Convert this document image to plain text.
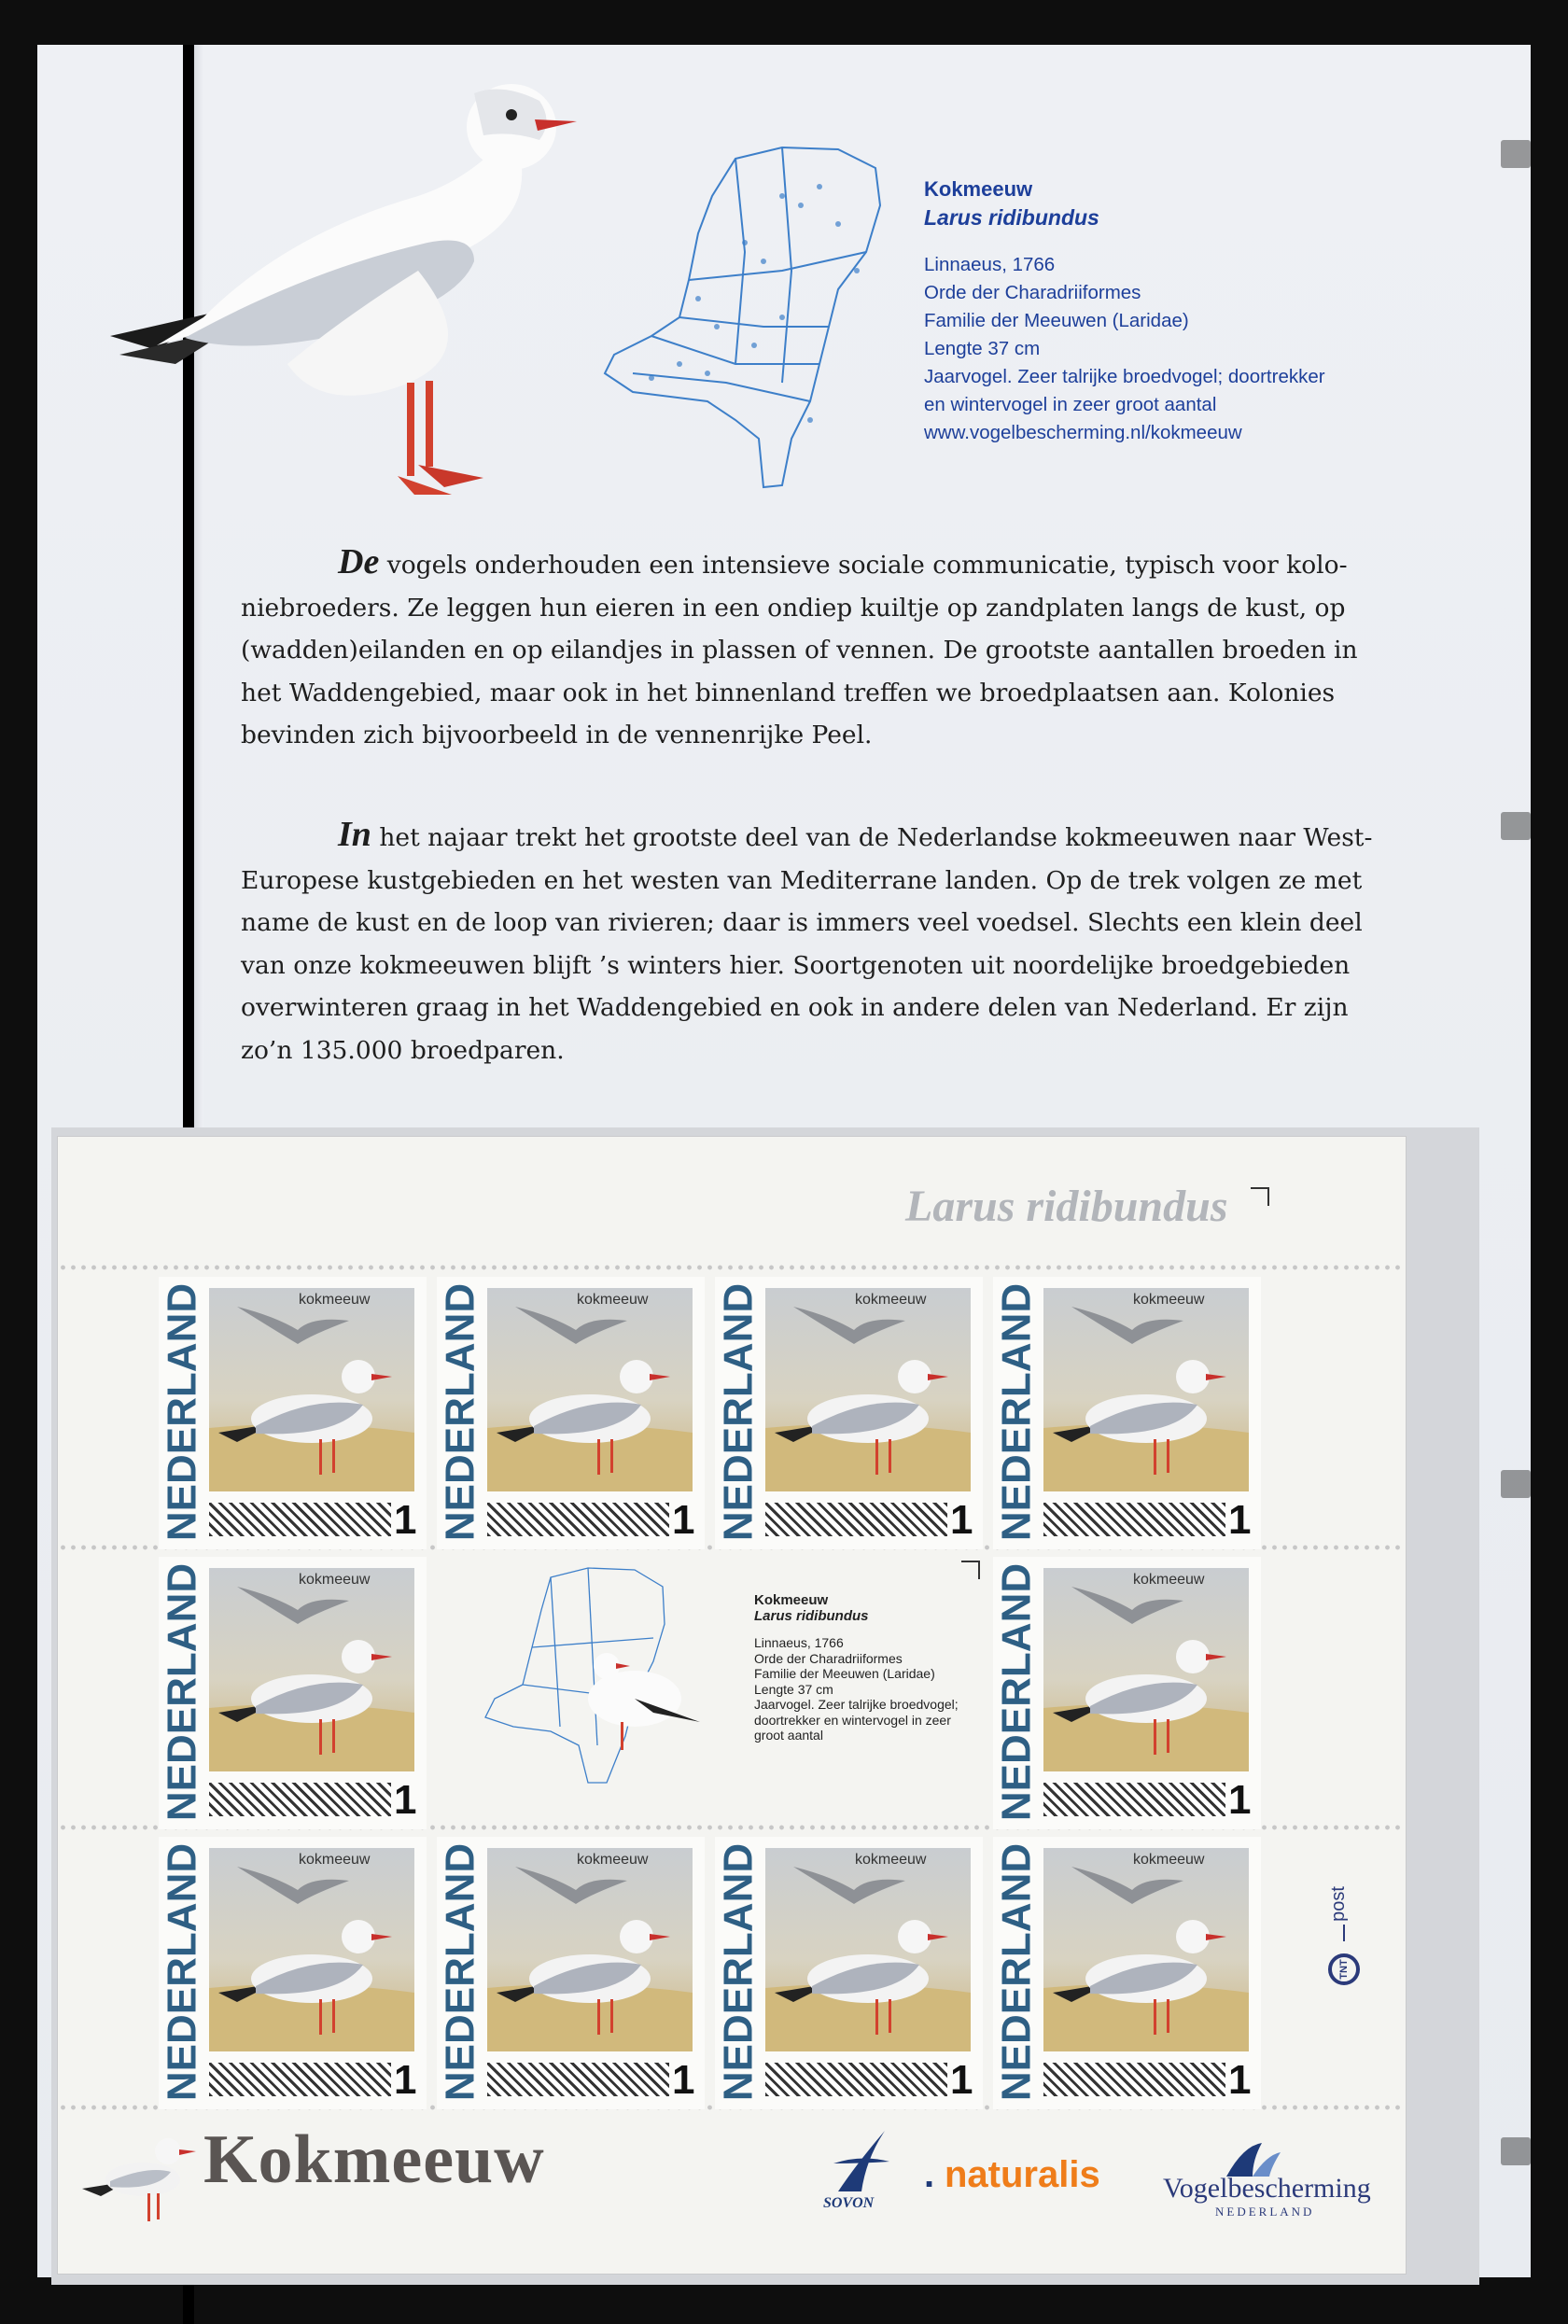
Kokmeeuw

Larus ridibundus

Linnaeus, 1766

Orde der Charadriiformes

Familie der Meeuwen (Laridae)

Lengte 37 cm

Jaarvogel. Zeer talrijke broedvogel; doortrekker

en wintervogel in zeer groot aantal

www.vogelbescherming.nl/kokmeeuw

De vogels onderhouden een intensieve sociale communicatie, typisch voor kolo-
niebroeders. Ze leggen hun eieren in een ondiep kuiltje op zandplaten langs de kust, op
(wadden)eilanden en op eilandjes in plassen of vennen. De grootste aantallen broeden in
het Waddengebied, maar ook in het binnenland treffen we broedplaatsen aan. Kolonies
bevinden zich bijvoorbeeld in de vennenrijke Peel.
In het najaar trekt het grootste deel van de Nederlandse kokmeeuwen naar West-
Europese kustgebieden en het westen van Mediterrane landen. Op de trek volgen ze met
name de kust en de loop van rivieren; daar is immers veel voedsel. Slechts een klein deel
van onze kokmeeuwen blijft ’s winters hier. Soortgenoten uit noordelijke broedgebieden
overwinteren graag in het Waddengebied en ook in andere delen van Nederland. Er zijn
zo’n 135.000 broedparen.
Larus ridibundus
NEDERLAND	kokmeeuw
1 NEDERLAND	kokmeeuw
1 NEDERLAND	kokmeeuw
1 NEDERLAND	kokmeeuw
1
NEDERLAND	kokmeeuw
1	NEDERLAND	kokmeeuw
1
NEDERLAND	kokmeeuw
1 NEDERLAND	kokmeeuw
1 NEDERLAND	kokmeeuw
1 NEDERLAND	kokmeeuw
1
Kokmeeuw
Larus ridibundus
Linnaeus, 1766
Orde der Charadriiformes
Familie der Meeuwen (Laridae)
Lengte 37 cm
Jaarvogel. Zeer talrijke broedvogel;
doortrekker en wintervogel in zeer
groot aantal
post
TNT
Kokmeeuw
SOVON
. naturalis Vogelbescherming
NEDERLAND
